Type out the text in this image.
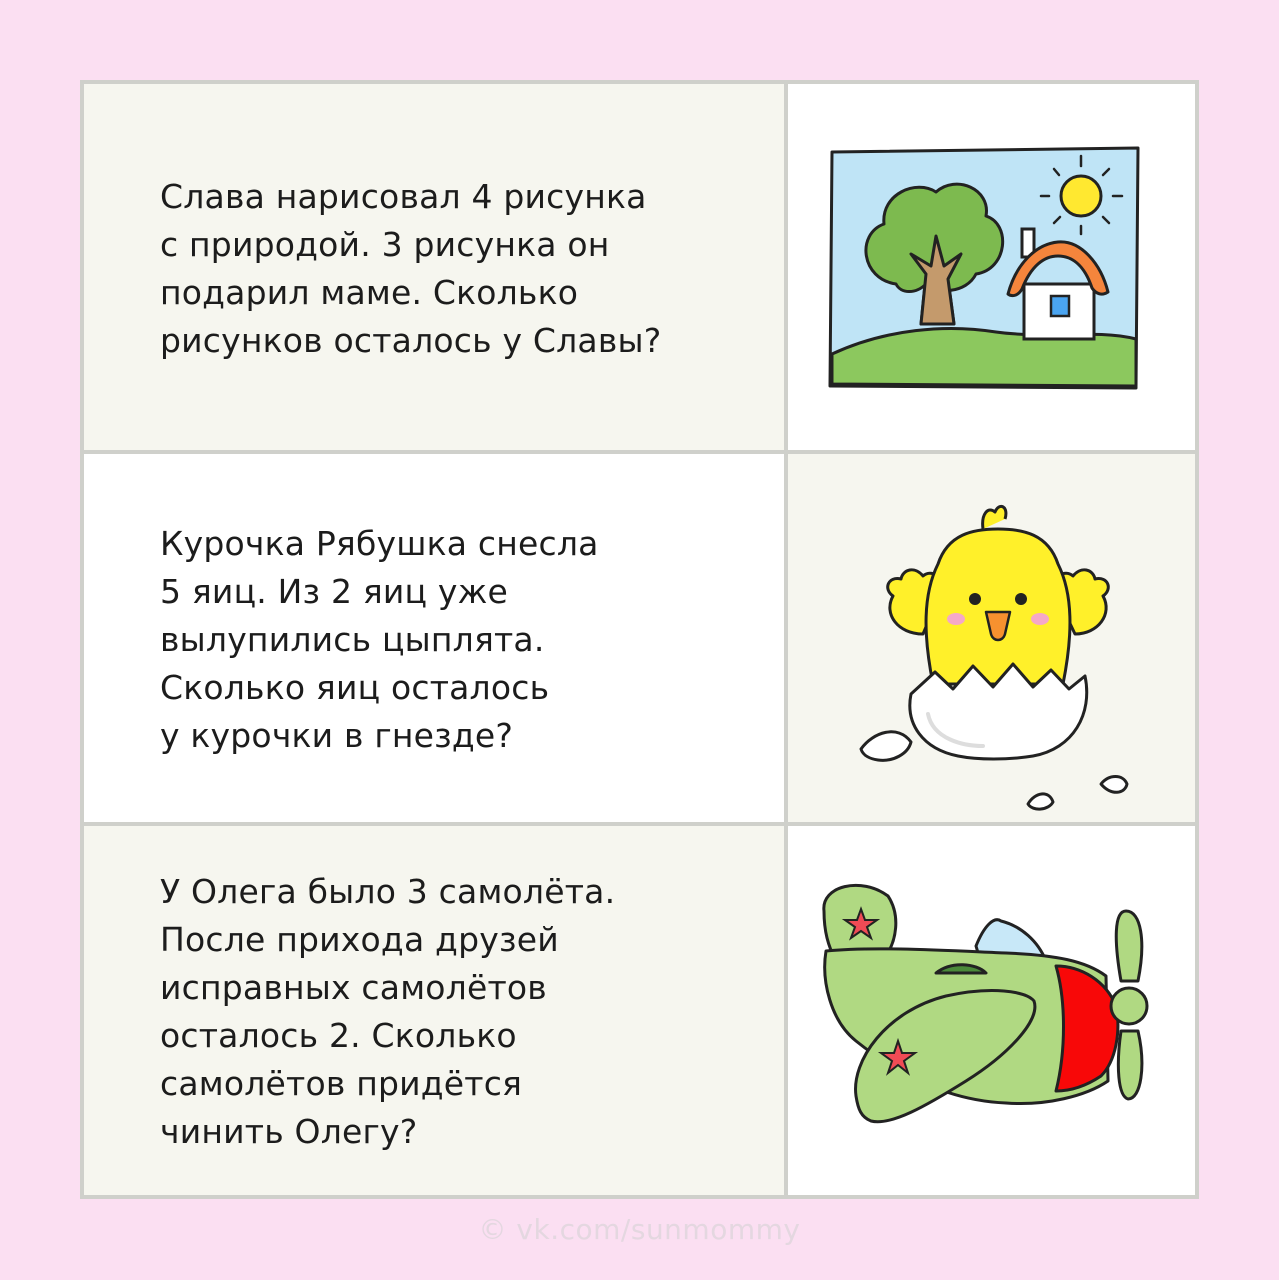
Слава нарисовал 4 рисунка
с природой. 3 рисунка он
подарил маме. Сколько
рисунков осталось у Славы?
Курочка Рябушка снесла
5 яиц. Из 2 яиц уже
вылупились цыплята.
Сколько яиц осталось
у курочки в гнезде?
У Олега было 3 самолёта.
После прихода друзей
исправных самолётов
осталось 2. Сколько
самолётов придётся
чинить Олегу?
© vk.com/sunmommy
